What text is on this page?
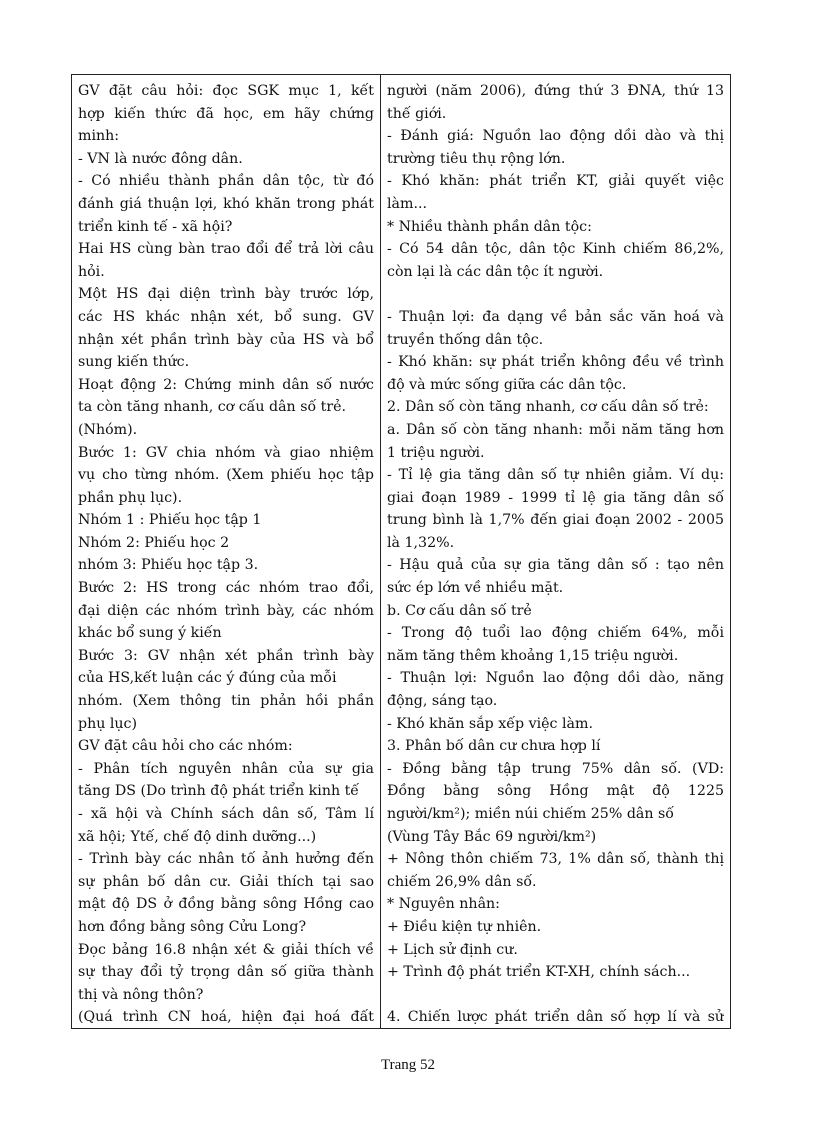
GV đặt câu hỏi: đọc SGK mục 1, kết
hợp kiến thức đã học, em hãy chứng
minh:
- VN là nước đông dân.
- Có nhiều thành phần dân tộc, từ đó
đánh giá thuận lợi, khó khăn trong phát
triển kinh tế - xã hội?
Hai HS cùng bàn trao đổi để trả lời câu
hỏi.
Một HS đại diện trình bày trước lớp,
các HS khác nhận xét, bổ sung. GV
nhận xét phần trình bày của HS và bổ
sung kiến thức.
Hoạt động 2: Chứng minh dân số nước
ta còn tăng nhanh, cơ cấu dân số trẻ.
(Nhóm).
Bước 1: GV chia nhóm và giao nhiệm
vụ cho từng nhóm. (Xem phiếu học tập
phần phụ lục).
Nhóm 1 : Phiếu học tập 1
Nhóm 2: Phiếu học 2
nhóm 3: Phiếu học tập 3.
Bước 2: HS trong các nhóm trao đổi,
đại diện các nhóm trình bày, các nhóm
khác bổ sung ý kiến
Bước 3: GV nhận xét phần trình bày
của HS,kết luận các ý đúng của mỗi
nhóm. (Xem thông tin phản hồi phần
phụ lục)
GV đặt câu hỏi cho các nhóm:
- Phân tích nguyên nhân của sự gia
tăng DS (Do trình độ phát triển kinh tế
- xã hội và Chính sách dân số, Tâm lí
xã hội; Ytế, chế độ dinh dưỡng...)
- Trình bày các nhân tố ảnh hưởng đến
sự phân bố dân cư. Giải thích tại sao
mật độ DS ở đồng bằng sông Hồng cao
hơn đồng bằng sông Cửu Long?
Đọc bảng 16.8 nhận xét & giải thích về
sự thay đổi tỷ trọng dân số giữa thành
thị và nông thôn?
(Quá trình CN hoá, hiện đại hoá đất
người (năm 2006), đứng thứ 3 ĐNA, thứ 13
thế giới.
- Đánh giá: Nguồn lao động dồi dào và thị
trường tiêu thụ rộng lớn.
- Khó khăn: phát triển KT, giải quyết việc
làm...
* Nhiều thành phần dân tộc:
- Có 54 dân tộc, dân tộc Kinh chiếm 86,2%,
còn lại là các dân tộc ít người.
- Thuận lợi: đa dạng về bản sắc văn hoá và
truyền thống dân tộc.
- Khó khăn: sự phát triển không đều về trình
độ và mức sống giữa các dân tộc.
2. Dân số còn tăng nhanh, cơ cấu dân số trẻ:
a. Dân số còn tăng nhanh: mỗi năm tăng hơn
1 triệu người.
- Tỉ lệ gia tăng dân số tự nhiên giảm. Ví dụ:
giai đoạn 1989 - 1999 tỉ lệ gia tăng dân số
trung bình là 1,7% đến giai đoạn 2002 - 2005
là 1,32%.
- Hậu quả của sự gia tăng dân số : tạo nên
sức ép lớn về nhiều mặt.
b. Cơ cấu dân số trẻ
- Trong độ tuổi lao động chiếm 64%, mỗi
năm tăng thêm khoảng 1,15 triệu người.
- Thuận lợi: Nguồn lao động dồi dào, năng
động, sáng tạo.
- Khó khăn sắp xếp việc làm.
3. Phân bố dân cư chưa hợp lí
- Đồng bằng tập trung 75% dân số. (VD:
Đồng bằng sông Hồng mật độ 1225
người/km²); miền núi chiếm 25% dân số
(Vùng Tây Bắc 69 người/km²)
+ Nông thôn chiếm 73, 1% dân số, thành thị
chiếm 26,9% dân số.
* Nguyên nhân:
+ Điều kiện tự nhiên.
+ Lịch sử định cư.
+ Trình độ phát triển KT-XH, chính sách...
4. Chiến lược phát triển dân số hợp lí và sử
Trang 52
